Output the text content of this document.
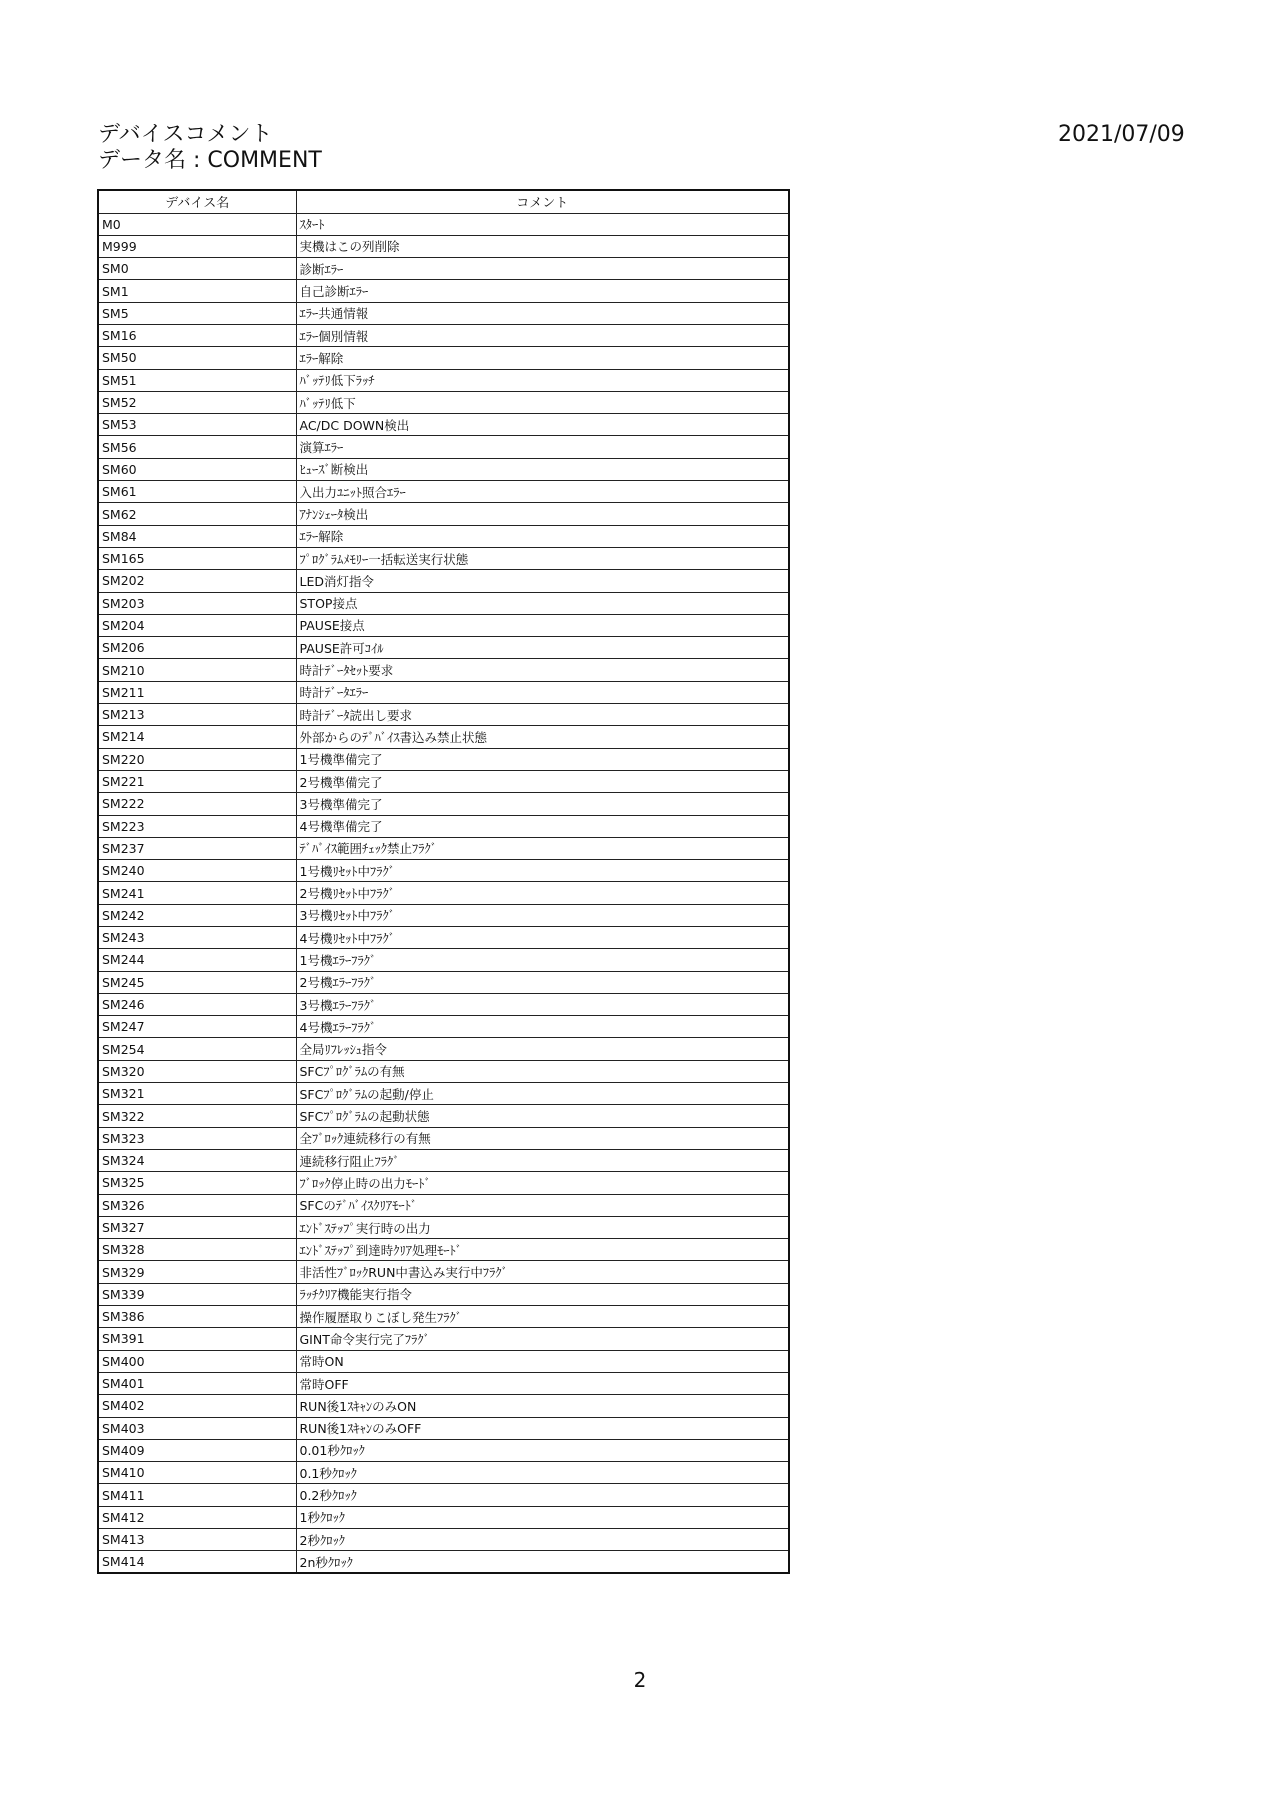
デバイスコメント
データ名 : COMMENT
2021/07/09
デバイス名	コメント
M0	ｽﾀｰﾄ
M999	実機はこの列削除
SM0	診断ｴﾗｰ
SM1	自己診断ｴﾗｰ
SM5	ｴﾗｰ共通情報
SM16	ｴﾗｰ個別情報
SM50	ｴﾗｰ解除
SM51	ﾊﾞｯﾃﾘ低下ﾗｯﾁ
SM52	ﾊﾞｯﾃﾘ低下
SM53	AC/DC DOWN検出
SM56	演算ｴﾗｰ
SM60	ﾋｭｰｽﾞ断検出
SM61	入出力ﾕﾆｯﾄ照合ｴﾗｰ
SM62	ｱﾅﾝｼｪｰﾀ検出
SM84	ｴﾗｰ解除
SM165	ﾌﾟﾛｸﾞﾗﾑﾒﾓﾘｰ一括転送実行状態
SM202	LED消灯指令
SM203	STOP接点
SM204	PAUSE接点
SM206	PAUSE許可ｺｲﾙ
SM210	時計ﾃﾞｰﾀｾｯﾄ要求
SM211	時計ﾃﾞｰﾀｴﾗｰ
SM213	時計ﾃﾞｰﾀ読出し要求
SM214	外部からのﾃﾞﾊﾞｲｽ書込み禁止状態
SM220	1号機準備完了
SM221	2号機準備完了
SM222	3号機準備完了
SM223	4号機準備完了
SM237	ﾃﾞﾊﾞｲｽ範囲ﾁｪｯｸ禁止ﾌﾗｸﾞ
SM240	1号機ﾘｾｯﾄ中ﾌﾗｸﾞ
SM241	2号機ﾘｾｯﾄ中ﾌﾗｸﾞ
SM242	3号機ﾘｾｯﾄ中ﾌﾗｸﾞ
SM243	4号機ﾘｾｯﾄ中ﾌﾗｸﾞ
SM244	1号機ｴﾗｰﾌﾗｸﾞ
SM245	2号機ｴﾗｰﾌﾗｸﾞ
SM246	3号機ｴﾗｰﾌﾗｸﾞ
SM247	4号機ｴﾗｰﾌﾗｸﾞ
SM254	全局ﾘﾌﾚｯｼｭ指令
SM320	SFCﾌﾟﾛｸﾞﾗﾑの有無
SM321	SFCﾌﾟﾛｸﾞﾗﾑの起動/停止
SM322	SFCﾌﾟﾛｸﾞﾗﾑの起動状態
SM323	全ﾌﾞﾛｯｸ連続移行の有無
SM324	連続移行阻止ﾌﾗｸﾞ
SM325	ﾌﾞﾛｯｸ停止時の出力ﾓｰﾄﾞ
SM326	SFCのﾃﾞﾊﾞｲｽｸﾘｱﾓｰﾄﾞ
SM327	ｴﾝﾄﾞｽﾃｯﾌﾟ実行時の出力
SM328	ｴﾝﾄﾞｽﾃｯﾌﾟ到達時ｸﾘｱ処理ﾓｰﾄﾞ
SM329	非活性ﾌﾞﾛｯｸRUN中書込み実行中ﾌﾗｸﾞ
SM339	ﾗｯﾁｸﾘｱ機能実行指令
SM386	操作履歴取りこぼし発生ﾌﾗｸﾞ
SM391	GINT命令実行完了ﾌﾗｸﾞ
SM400	常時ON
SM401	常時OFF
SM402	RUN後1ｽｷｬﾝのみON
SM403	RUN後1ｽｷｬﾝのみOFF
SM409	0.01秒ｸﾛｯｸ
SM410	0.1秒ｸﾛｯｸ
SM411	0.2秒ｸﾛｯｸ
SM412	1秒ｸﾛｯｸ
SM413	2秒ｸﾛｯｸ
SM414	2n秒ｸﾛｯｸ
2
